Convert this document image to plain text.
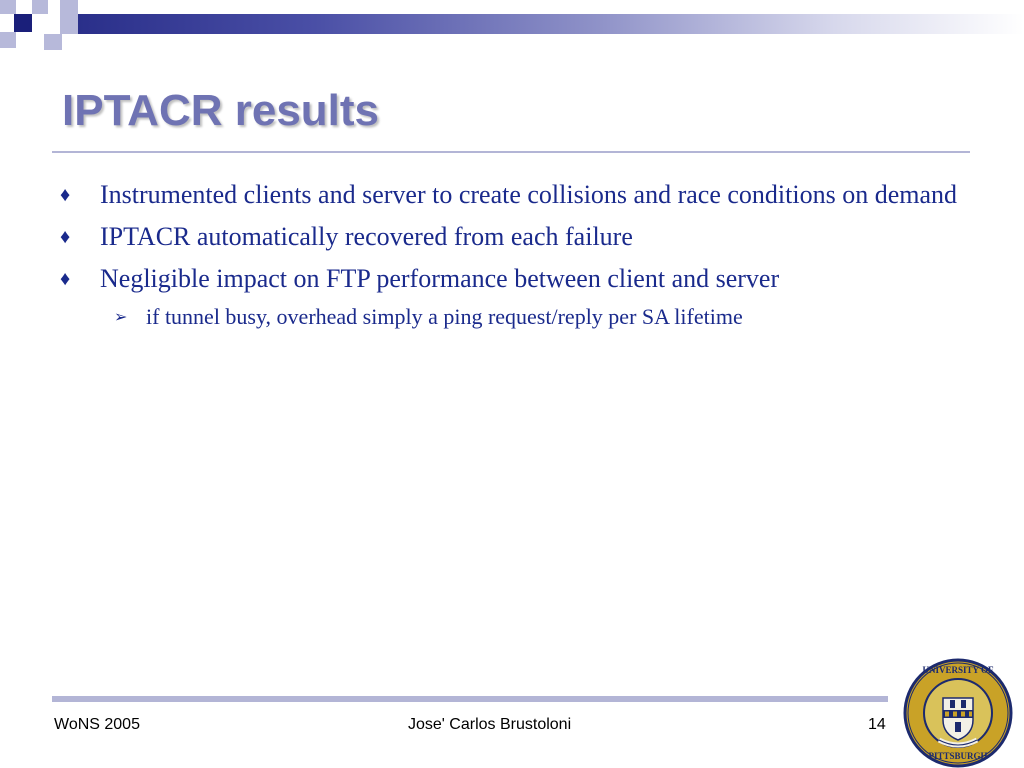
IPTACR results
♦	Instrumented clients and server to create collisions and race conditions on demand
♦	IPTACR automatically recovered from each failure
♦	Negligible impact on FTP performance between client and server
➢ if tunnel busy, overhead simply a ping request/reply per SA lifetime
WoNS 2005	Jose' Carlos Brustoloni	14
UNIVERSITY OF
PITTSBURGH
